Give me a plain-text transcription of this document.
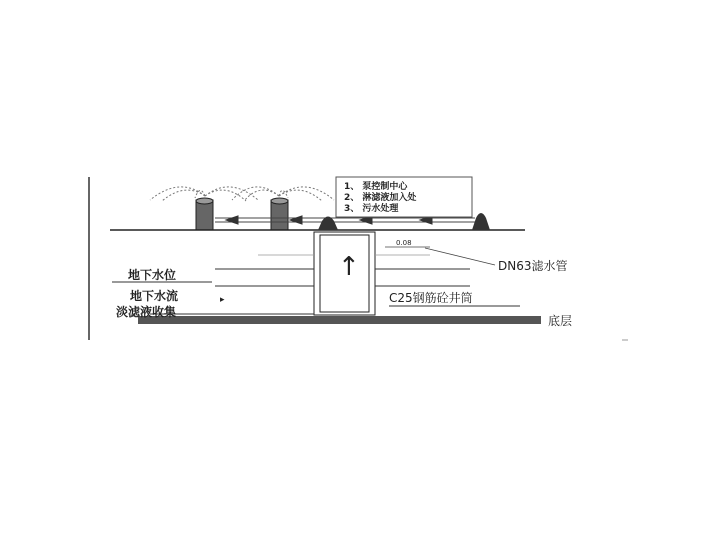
1、 泵控制中心
2、 淋滤液加入处
3、 污水处理
↑
地下水位
地下水流
淡滤液收集
▸
0.08
DN63滤水管
C25钢筋砼井筒
底层
